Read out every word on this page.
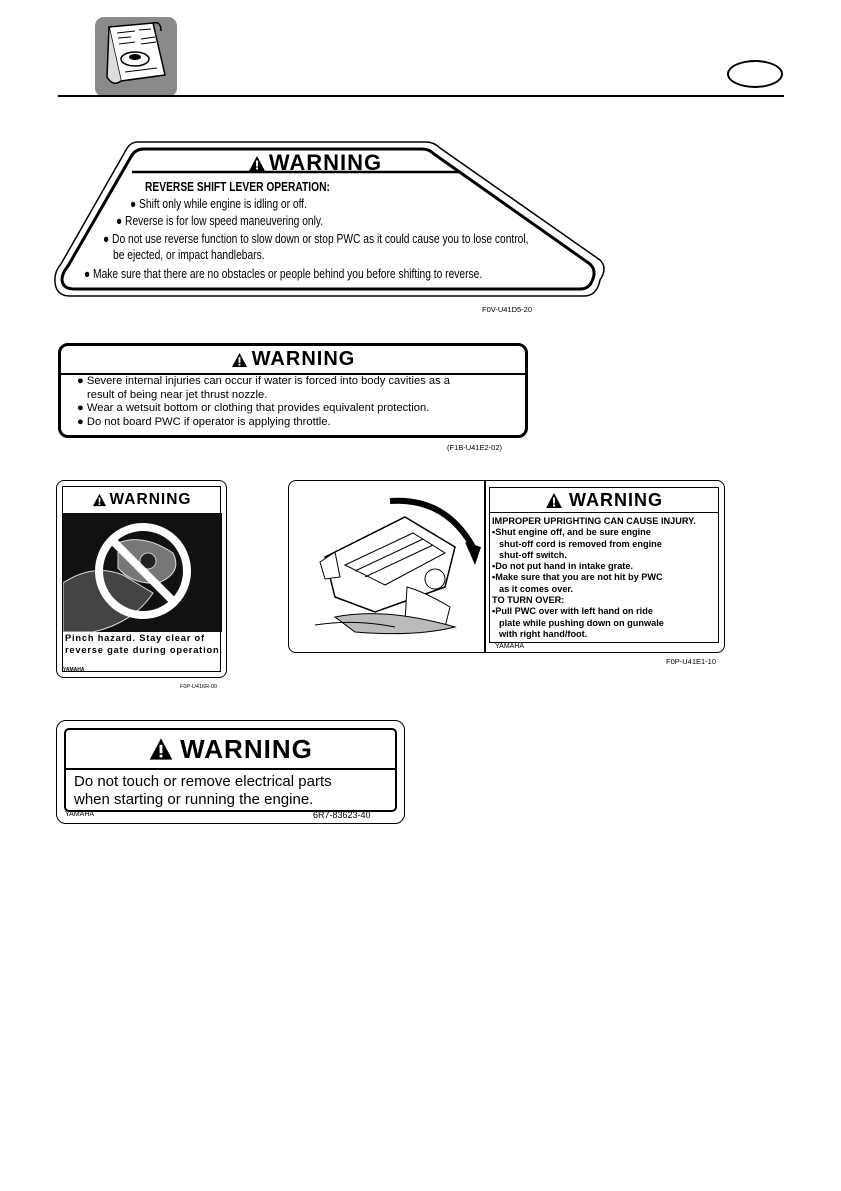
WARNING
REVERSE SHIFT LEVER OPERATION:
● Shift only while engine is idling or off.
● Reverse is for low speed maneuvering only.
● Do not use reverse function to slow down or stop PWC as it could cause you to lose control,
be ejected, or impact handlebars.
● Make sure that there are no obstacles or people behind you before shifting to reverse.
F0V-U41D5-20
WARNING
● Severe internal injuries can occur if water is forced into body cavities as a
result of being near jet thrust nozzle.
● Wear a wetsuit bottom or clothing that provides equivalent protection.
● Do not board PWC if operator is applying throttle.
(F1B-U41E2-02)
WARNING
Pinch hazard. Stay clear of
reverse gate during operation.
YAMAHA
F0P-U416R-00
WARNING
IMPROPER UPRIGHTING CAN CAUSE INJURY.
•Shut engine off, and be sure engine
shut-off cord is removed from engine
shut-off switch.
•Do not put hand in intake grate.
•Make sure that you are not hit by PWC
as it comes over.
TO TURN OVER:
•Pull PWC over with left hand on ride
plate while pushing down on gunwale
with right hand/foot.
YAMAHA
F0P-U41E1-10
WARNING
Do not touch or remove electrical parts
when starting or running the engine.
YAMAHA	6R7-83623-40
